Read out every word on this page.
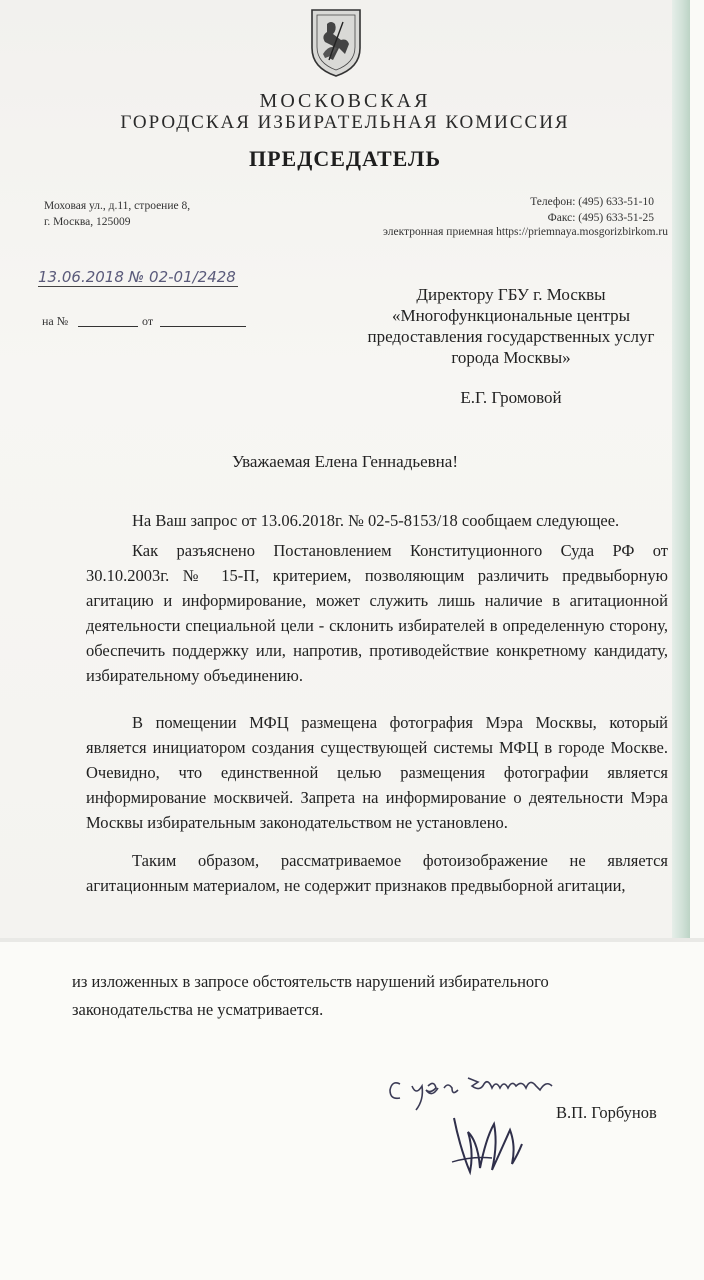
МОСКОВСКАЯ
ГОРОДСКАЯ ИЗБИРАТЕЛЬНАЯ КОМИССИЯ
ПРЕДСЕДАТЕЛЬ
Моховая ул., д.11, строение 8,
г. Москва, 125009
Телефон: (495) 633-51-10
Факс: (495) 633-51-25
электронная приемная https://priemnaya.mosgorizbirkom.ru
13.06.2018 № 02-01/2428
на №	от
Директору ГБУ г. Москвы
«Многофункциональные центры
предоставления государственных услуг
города Москвы»
Е.Г. Громовой
Уважаемая Елена Геннадьевна!

На Ваш запрос от 13.06.2018г. № 02-5-8153/18 сообщаем следующее.

Как разъяснено Постановлением Конституционного Суда РФ от 30.10.2003г. № 15-П, критерием, позволяющим различить предвыборную агитацию и информирование, может служить лишь наличие в агитационной деятельности специальной цели - склонить избирателей в определенную сторону, обеспечить поддержку или, напротив, противодействие конкретному кандидату, избирательному объединению.

В помещении МФЦ размещена фотография Мэра Москвы, который является инициатором создания существующей системы МФЦ в городе Москве. Очевидно, что единственной целью размещения фотографии является информирование москвичей. Запрета на информирование о деятельности Мэра Москвы избирательным законодательством не установлено.

Таким образом, рассматриваемое фотоизображение не является агитационным материалом, не содержит признаков предвыборной агитации,

из изложенных в запросе обстоятельств нарушений избирательного
законодательства не усматривается.
С уважением	В.П. Горбунов
